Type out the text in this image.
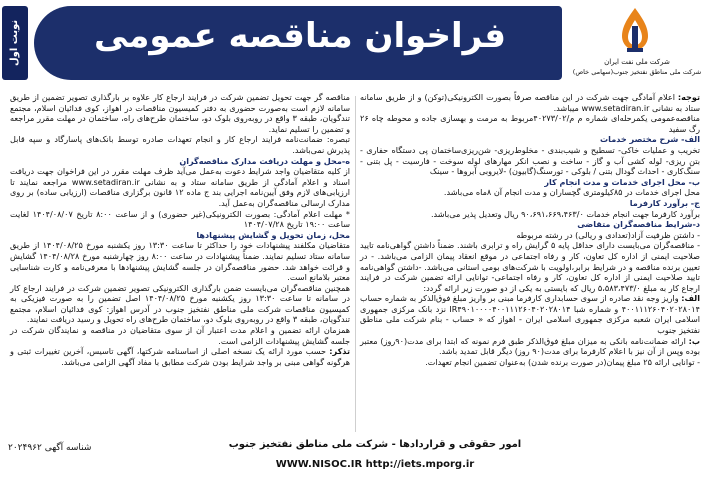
نوبت اول	فراخوان مناقصه عمومی
شرکت ملی نفت ایران
شرکت ملی مناطق نفتخیز جنوب(سهامی خاص)

توجه: اعلام آمادگی جهت شرکت در این مناقصه صرفاً بصورت الکترونیکی(توکن) و از طریق سامانه ستاد به نشانی www.setadiran.ir میباشد.

مناقصه‌عمومی یکمرحله‌ای شماره م م/۴۰۲۷۳/۰۲مربوط به مرمت و بهسازی جاده و محوطه چاه ۲۶ رگ سفید

الف- شرح مختصر خدمات

تخریب و عملیات خاکی- تسطیح و شیب‌بندی - مخلوط‌ریزی- شن‌ریزی‌ساختمان پی دستگاه حفاری - بتن ریزی- لوله کشی آب و گاز - ساخت و نصب انکر مهارهای لوله سوخت - فارسیت - پل بتنی - سنگ‌کاری - احداث گودال بتنی / بلوکی - تورسنگ(گابیون) -لایروبی آبروها - سینک

ب- محل اجرای خدمات و مدت انجام کار

محل اجرای خدمات در ۸۵کیلومتری گچساران و مدت انجام آن ۸ماه می‌باشد.

ج- برآورد کارفرما

برآورد کارفرما جهت انجام خدمات ۹۰،۶۹۱،۶۶۹،۴۶۳/۰ ریال وتعدیل پذیر می‌باشد.

د-شرایط مناقصه‌گران متقاضی

- داشتن ظرفیت آزاد(تعدادی و ریالی) در رشته مربوطه

- مناقصه‌گران می‌بایست دارای حداقل پایه ۵ گرایش راه و ترابری باشند. ضمناً داشتن گواهی‌نامه تایید صلاحیت ایمنی از اداره کل تعاون، کار و رفاه اجتماعی در موقع انعقاد پیمان الزامی می‌باشد. - در تعیین برنده مناقصه و در شرایط برابر،اولویت با شرکت‌های بومی استانی می‌باشد. -داشتن گواهی‌نامه تایید صلاحیت ایمنی از اداره کل تعاون، کار و رفاه اجتماعی- توانایی ارائه تضمین شرکت در فرایند ارجاع کار به مبلغ ۵،۵۸۳،۴۷۳/۰ ریال که بایستی به یکی از دو صورت زیر ارائه گردد:

الف: واریز وجه نقد صادره از سوی حسابداری کارفرما مبنی بر واریز مبلغ فوق‌الذکر به شماره حساب ۴۰۰۱۱۱۲۶۰۴۰۲۰۲۸۰۱۴ و شماره شبا IR۴۹۰۱۰۰۰۰۴۰۰۱۱۱۲۶۰۴۰۲۰۲۸۰۱۴ نزد بانک مرکزی جمهوری اسلامی ایران شعبه مرکزی جمهوری اسلامی ایران - اهواز که « حساب - بنام شرکت ملی مناطق نفتخیز جنوب

ب: ارائه ضمانت‌نامه بانکی به میزان مبلغ فوق‌الذکر طبق فرم نمونه که ابتدا برای مدت(۹۰روز) معتبر بوده وپس از آن نیز با اعلام کارفرما برای مدت(۹۰ روز) دیگر قابل تمدید باشد.

- توانایی ارائه ۲۵ مبلغ پیمان(در صورت برنده شدن) به‌عنوان تضمین انجام تعهدات.

مناقصه گر جهت تحویل تضمین شرکت در فرایند ارجاع کار علاوه بر بارگذاری تصویر تضمین از طریق سامانه لازم است به‌صورت حضوری به دفتر کمیسیون مناقصات در اهواز، کوی فدائیان اسلام، مجتمع تندگویان، طبقه ۳ واقع در روبه‌روی بلوک دو، ساختمان طرح‌های راه، ساختمان در مهلت مقرر مراجعه و تضمین را تسلیم نماید.

تبصره: ضمانت‌نامه فرایند ارجاع کار و انجام تعهدات صادره توسط بانک‌های پاسارگاد و سپه قابل پذیرش نمی‌باشد.

ه-محل و مهلت دریافت مدارک مناقصه‌گران

از کلیه متقاضیان واجد شرایط دعوت به‌عمل می‌آید ظرف مهلت مقرر در این فراخوان جهت دریافت اسناد و اعلام آمادگی از طریق سامانه ستاد و به نشانی www.setadiran.ir مراجعه نمایند تا ارزیابی‌های لازم وفق آیین‌نامه اجرایی بند ج ماده ۱۲ قانون برگزاری مناقصات (ارزیابی ساده) بر روی مدارک ارسالی مناقصه‌گران به‌عمل آید.

* مهلت اعلام آمادگی: بصورت الکترونیکی(غیر حضوری) و از ساعت ۸:۰۰ تاریخ ۱۴۰۴/۰۸/۰۷ لغایت ساعت ۱۹:۰۰ تاریخ ۱۴۰۴/۰۷/۲۸

محل، زمان تحویل و گشایش پیشنهادها

متقاضیان مکلفند پیشنهادات خود را حداکثر تا ساعت ۱۳:۳۰ روز یکشنبه مورخ ۱۴۰۴/۰۸/۲۵ از طریق سامانه ستاد تسلیم نمایند. ضمناً پیشنهادات در ساعت ۸:۰۰ روز چهارشنبه مورخ ۱۴۰۴/۰۸/۲۸ گشایش و قرائت خواهد شد. حضور مناقصه‌گران در جلسه گشایش پیشنهادها با معرفی‌نامه و کارت شناسایی معتبر بلامانع است.

همچنین مناقصه‌گران می‌بایست ضمن بارگذاری الکترونیکی تصویر تضمین شرکت در فرایند ارجاع کار در سامانه تا ساعت ۱۳:۳۰ روز یکشنبه مورخ ۱۴۰۴/۰۸/۲۵ اصل تضمین را به صورت فیزیکی به کمیسیون مناقصات شرکت ملی مناطق نفتخیز جنوب در آدرس اهواز: کوی فدائیان اسلام، مجتمع تندگویان، طبقه ۳ واقع در روبه‌روی بلوک دو، ساختمان طرح‌های راه تحویل و رسید دریافت نمایند.

همزمان ارائه تضمین و اعلام مدت اعتبار آن از سوی متقاضیان در مناقصه و نمایندگان شرکت در جلسه گشایش پیشنهادات الزامی است.

تذکر: حسب مورد ارائه یک نسخه اصلی از اساسنامه شرکتها، آگهی تاسیس، آخرین تغییرات ثبتی و هرگونه گواهی مبنی بر واجد شرایط بودن شرکت مطابق با مفاد آگهی الزامی می‌باشد.

شناسه آگهی ۲۰۲۴۹۶۲	امور حقوقی و قراردادها - شرکت ملی مناطق نفتخیز جنوب
WWW.NISOC.IR http://iets.mporg.ir
